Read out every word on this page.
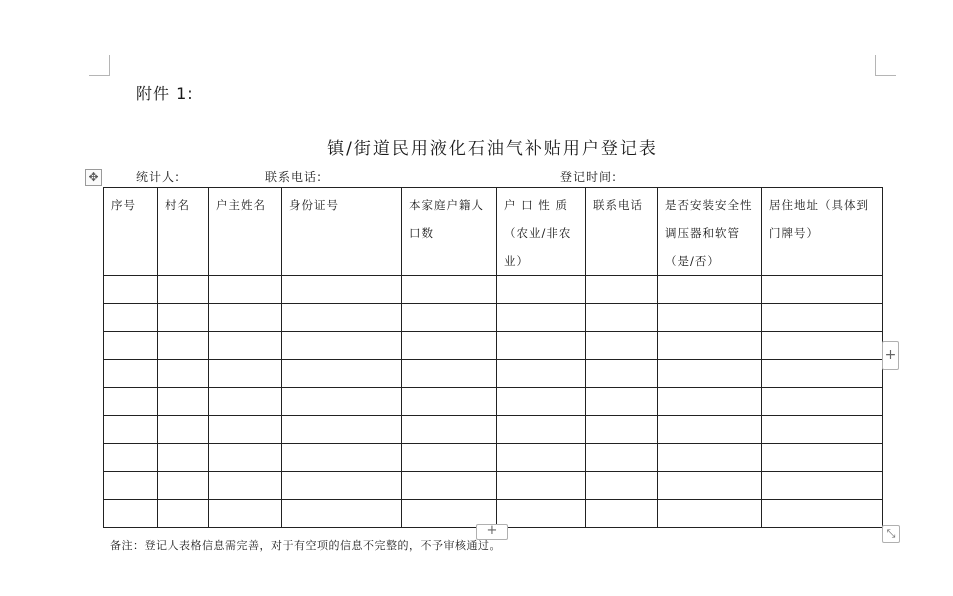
附件 1:
镇/街道民用液化石油气补贴用户登记表
✥	统计人:	联系电话:	登记时间:
序号	村名	户主姓名	身份证号	本家庭户籍人口数	户 口 性 质（农业/非农业）	联系电话	是否安装安全性调压器和软管（是/否）	居住地址（具体到门牌号）

+
+	⤡
备注：登记人表格信息需完善，对于有空项的信息不完整的，不予审核通过。
